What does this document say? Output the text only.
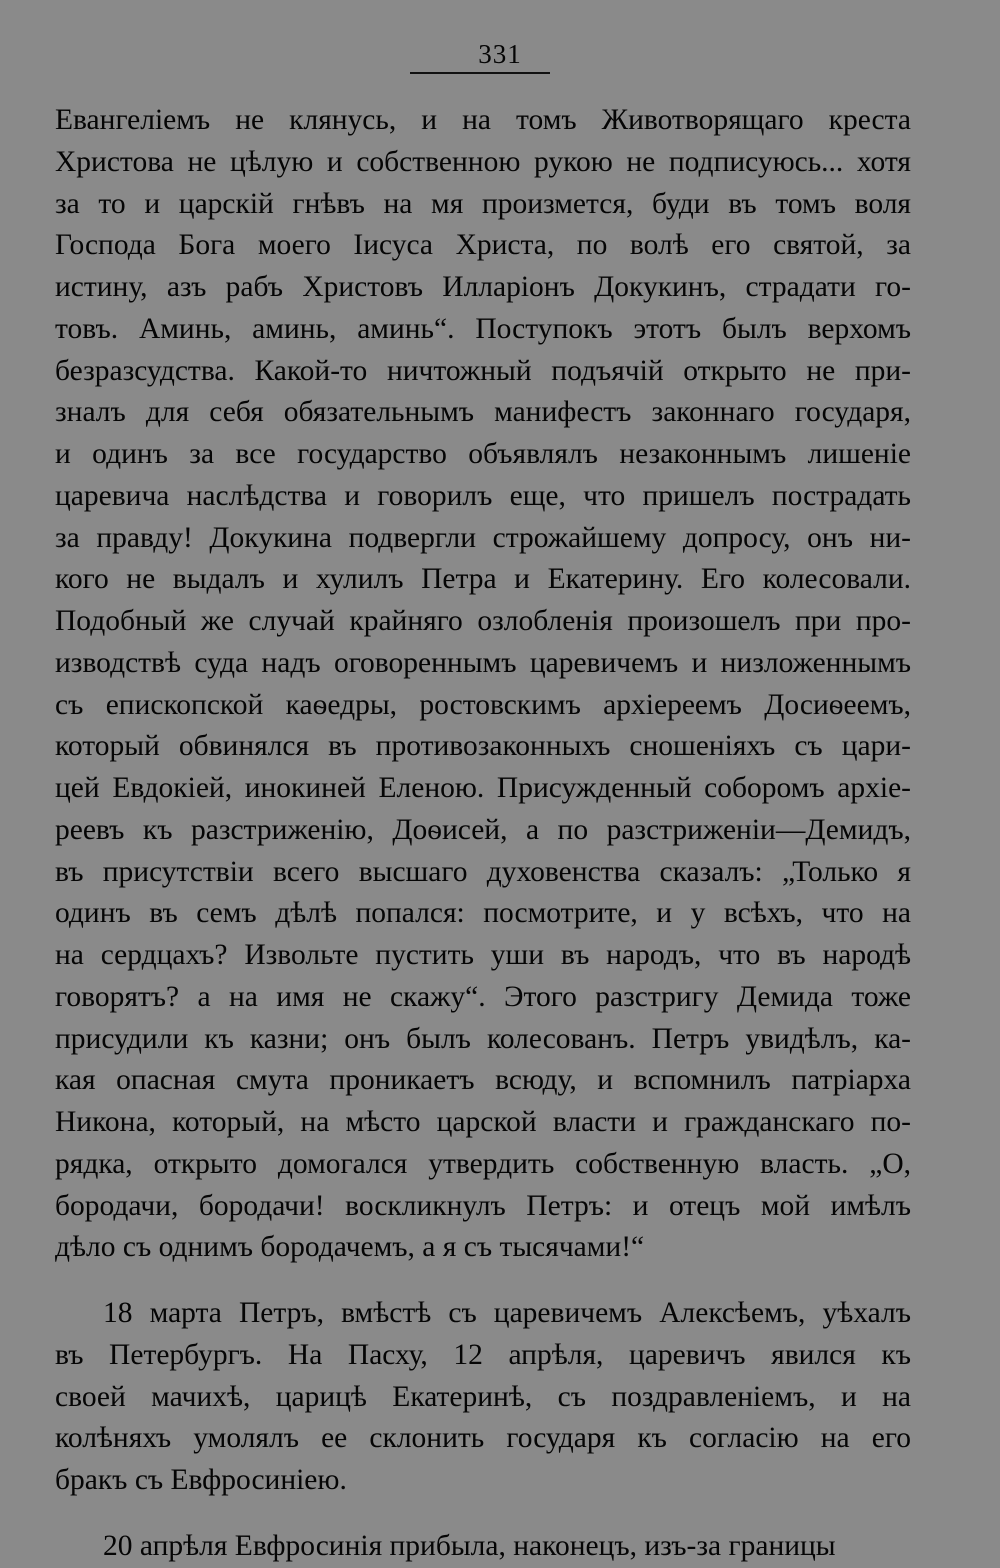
331
Евангеліемъ не клянусь, и на томъ Животворящаго креста
Христова не цѣлую и собственною рукою не подписуюсь... хотя
за то и царскій гнѣвъ на мя произмется, буди въ томъ воля
Господа Бога моего Іисуса Христа, по волѣ его святой, за
истину, азъ рабъ Христовъ Илларіонъ Докукинъ, страдати го-
товъ. Аминь, аминь, аминь“. Поступокъ этотъ былъ верхомъ
безразсудства. Какой-то ничтожный подъячій открыто не при-
зналъ для себя обязательнымъ манифестъ законнаго государя,
и одинъ за все государство объявлялъ незаконнымъ лишеніе
царевича наслѣдства и говорилъ еще, что пришелъ пострадать
за правду! Докукина подвергли строжайшему допросу, онъ ни-
кого не выдалъ и хулилъ Петра и Екатерину. Его колесовали.
Подобный же случай крайняго озлобленія произошелъ при про-
изводствѣ суда надъ оговореннымъ царевичемъ и низложеннымъ
съ епископской каѳедры, ростовскимъ архіереемъ Досиѳеемъ,
который обвинялся въ противозаконныхъ сношеніяхъ съ цари-
цей Евдокіей, инокиней Еленою. Присужденный соборомъ архіе-
реевъ къ разстриженію, Доѳисей, а по разстриженіи—Демидъ,
въ присутствіи всего высшаго духовенства сказалъ: „Только я
одинъ въ семъ дѣлѣ попался: посмотрите, и у всѣхъ, что на
на сердцахъ? Извольте пустить уши въ народъ, что въ народѣ
говорятъ? а на имя не скажу“. Этого разстригу Демида тоже
присудили къ казни; онъ былъ колесованъ. Петръ увидѣлъ, ка-
кая опасная смута проникаетъ всюду, и вспомнилъ патріарха
Никона, который, на мѣсто царской власти и гражданскаго по-
рядка, открыто домогался утвердить собственную власть. „О,
бородачи, бородачи! воскликнулъ Петръ: и отецъ мой имѣлъ
дѣло съ однимъ бородачемъ, а я съ тысячами!“
18 марта Петръ, вмѣстѣ съ царевичемъ Алексѣемъ, уѣхалъ
въ Петербургъ. На Пасху, 12 апрѣля, царевичъ явился къ
своей мачихѣ, царицѣ Екатеринѣ, съ поздравленіемъ, и на
колѣняхъ умолялъ ее склонить государя къ согласію на его
бракъ съ Евфросиніею.
20 апрѣля Евфросинія прибыла, наконецъ, изъ-за границы
